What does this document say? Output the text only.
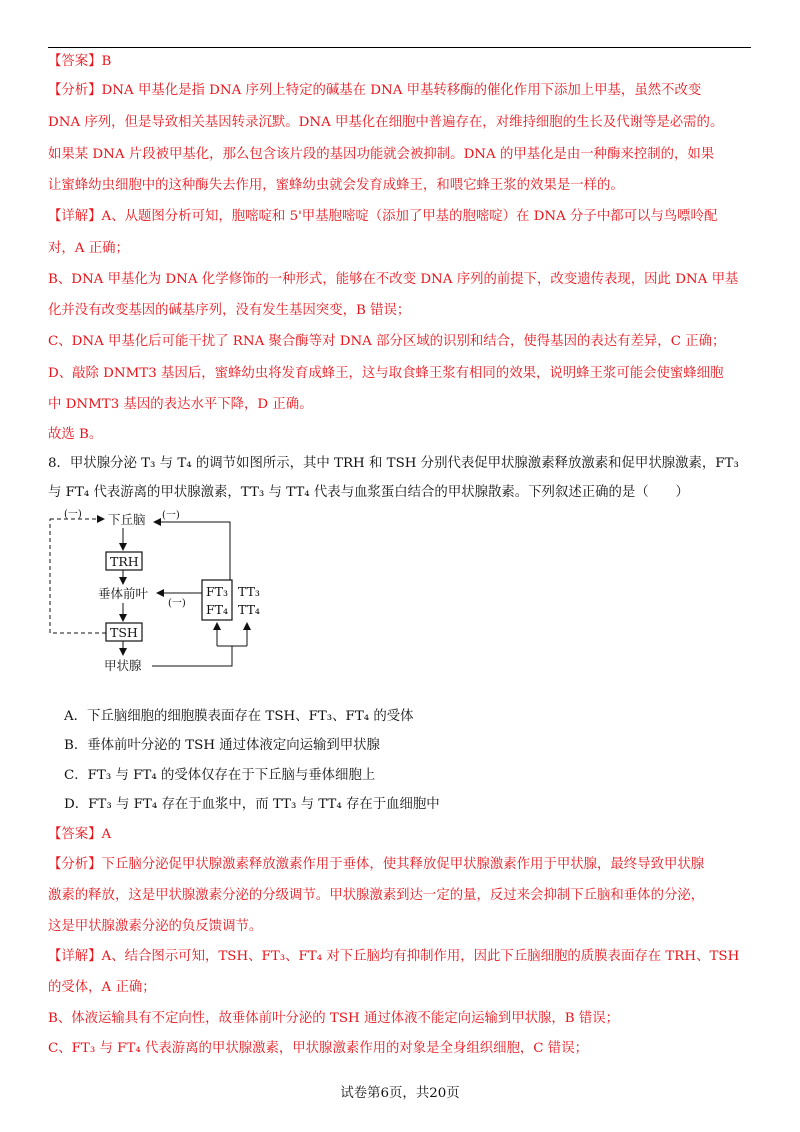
【答案】B
【分析】DNA 甲基化是指 DNA 序列上特定的碱基在 DNA 甲基转移酶的催化作用下添加上甲基，虽然不改变
DNA 序列，但是导致相关基因转录沉默。DNA 甲基化在细胞中普遍存在，对维持细胞的生长及代谢等是必需的。
如果某 DNA 片段被甲基化，那么包含该片段的基因功能就会被抑制。DNA 的甲基化是由一种酶来控制的，如果
让蜜蜂幼虫细胞中的这种酶失去作用，蜜蜂幼虫就会发育成蜂王，和喂它蜂王浆的效果是一样的。
【详解】A、从题图分析可知，胞嘧啶和 5'甲基胞嘧啶（添加了甲基的胞嘧啶）在 DNA 分子中都可以与鸟嘌呤配
对，A 正确；
B、DNA 甲基化为 DNA 化学修饰的一种形式，能够在不改变 DNA 序列的前提下，改变遗传表现，因此 DNA 甲基
化并没有改变基因的碱基序列，没有发生基因突变，B 错误；
C、DNA 甲基化后可能干扰了 RNA 聚合酶等对 DNA 部分区域的识别和结合，使得基因的表达有差异，C 正确；
D、敲除 DNMT3 基因后，蜜蜂幼虫将发育成蜂王，这与取食蜂王浆有相同的效果，说明蜂王浆可能会使蜜蜂细胞
中 DNMT3 基因的表达水平下降，D 正确。
故选 B。
8．甲状腺分泌 T₃ 与 T₄ 的调节如图所示，其中 TRH 和 TSH 分别代表促甲状腺激素释放激素和促甲状腺激素，FT₃
与 FT₄ 代表游离的甲状腺激素，TT₃ 与 TT₄ 代表与血浆蛋白结合的甲状腺散素。下列叙述正确的是（　　）
(一) 下丘脑 (一)
TRH
垂体前叶
(一)
TSH
甲状腺
FT₃
FT₄
TT₃
TT₄
A．下丘脑细胞的细胞膜表面存在 TSH、FT₃、FT₄ 的受体
B．垂体前叶分泌的 TSH 通过体液定向运输到甲状腺
C．FT₃ 与 FT₄ 的受体仅存在于下丘脑与垂体细胞上
D．FT₃ 与 FT₄ 存在于血浆中，而 TT₃ 与 TT₄ 存在于血细胞中
【答案】A
【分析】下丘脑分泌促甲状腺激素释放激素作用于垂体，使其释放促甲状腺激素作用于甲状腺，最终导致甲状腺
激素的释放，这是甲状腺激素分泌的分级调节。甲状腺激素到达一定的量，反过来会抑制下丘脑和垂体的分泌，
这是甲状腺激素分泌的负反馈调节。
【详解】A、结合图示可知，TSH、FT₃、FT₄ 对下丘脑均有抑制作用，因此下丘脑细胞的质膜表面存在 TRH、TSH
的受体，A 正确；
B、体液运输具有不定向性，故垂体前叶分泌的 TSH 通过体液不能定向运输到甲状腺，B 错误；
C、FT₃ 与 FT₄ 代表游离的甲状腺激素，甲状腺激素作用的对象是全身组织细胞，C 错误；
试卷第6页，共20页
